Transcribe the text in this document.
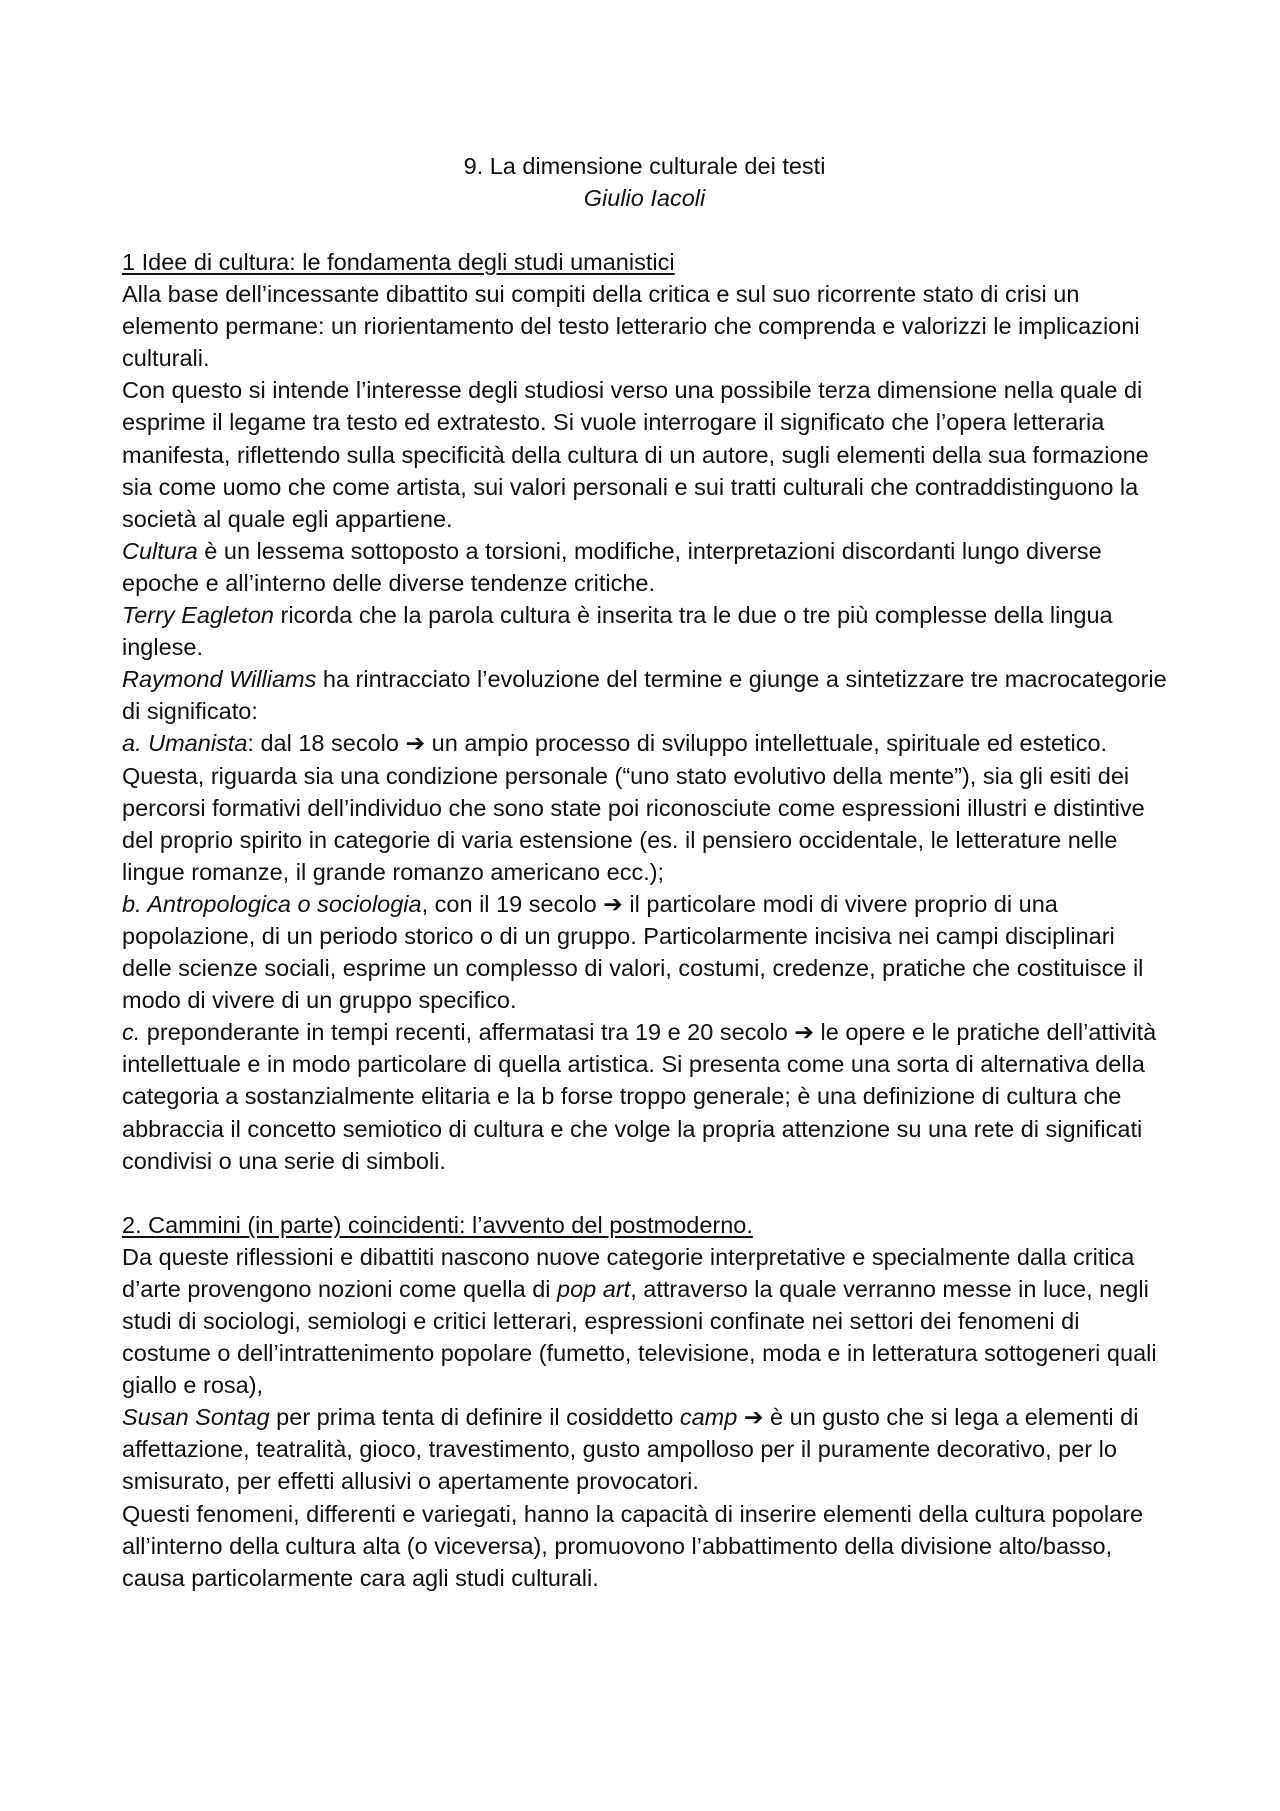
9. La dimensione culturale dei testi
Giulio Iacoli
1 Idee di cultura: le fondamenta degli studi umanistici

Alla base dell’incessante dibattito sui compiti della critica e sul suo ricorrente stato di crisi un elemento permane: un riorientamento del testo letterario che comprenda e valorizzi le implicazioni culturali.

Con questo si intende l’interesse degli studiosi verso una possibile terza dimensione nella quale di esprime il legame tra testo ed extratesto. Si vuole interrogare il significato che l’opera letteraria manifesta, riflettendo sulla specificità della cultura di un autore, sugli elementi della sua formazione sia come uomo che come artista, sui valori personali e sui tratti culturali che contraddistinguono la società al quale egli appartiene.

Cultura è un lessema sottoposto a torsioni, modifiche, interpretazioni discordanti lungo diverse epoche e all’interno delle diverse tendenze critiche.

Terry Eagleton ricorda che la parola cultura è inserita tra le due o tre più complesse della lingua inglese.

Raymond Williams ha rintracciato l’evoluzione del termine e giunge a sintetizzare tre macrocategorie di significato:

a. Umanista: dal 18 secolo ➔ un ampio processo di sviluppo intellettuale, spirituale ed estetico. Questa, riguarda sia una condizione personale (“uno stato evolutivo della mente”), sia gli esiti dei percorsi formativi dell’individuo che sono state poi riconosciute come espressioni illustri e distintive del proprio spirito in categorie di varia estensione (es. il pensiero occidentale, le letterature nelle lingue romanze, il grande romanzo americano ecc.);

b. Antropologica o sociologia, con il 19 secolo ➔ il particolare modi di vivere proprio di una popolazione, di un periodo storico o di un gruppo. Particolarmente incisiva nei campi disciplinari delle scienze sociali, esprime un complesso di valori, costumi, credenze, pratiche che costituisce il modo di vivere di un gruppo specifico.

c. preponderante in tempi recenti, affermatasi tra 19 e 20 secolo ➔ le opere e le pratiche dell’attività intellettuale e in modo particolare di quella artistica. Si presenta come una sorta di alternativa della categoria a sostanzialmente elitaria e la b forse troppo generale; è una definizione di cultura che abbraccia il concetto semiotico di cultura e che volge la propria attenzione su una rete di significati condivisi o una serie di simboli.

2. Cammini (in parte) coincidenti: l’avvento del postmoderno.

Da queste riflessioni e dibattiti nascono nuove categorie interpretative e specialmente dalla critica d’arte provengono nozioni come quella di pop art, attraverso la quale verranno messe in luce, negli studi di sociologi, semiologi e critici letterari, espressioni confinate nei settori dei fenomeni di costume o dell’intrattenimento popolare (fumetto, televisione, moda e in letteratura sottogeneri quali giallo e rosa),

Susan Sontag per prima tenta di definire il cosiddetto camp ➔ è un gusto che si lega a elementi di affettazione, teatralità, gioco, travestimento, gusto ampolloso per il puramente decorativo, per lo smisurato, per effetti allusivi o apertamente provocatori.

Questi fenomeni, differenti e variegati, hanno la capacità di inserire elementi della cultura popolare all’interno della cultura alta (o viceversa), promuovono l’abbattimento della divisione alto/basso, causa particolarmente cara agli studi culturali.
